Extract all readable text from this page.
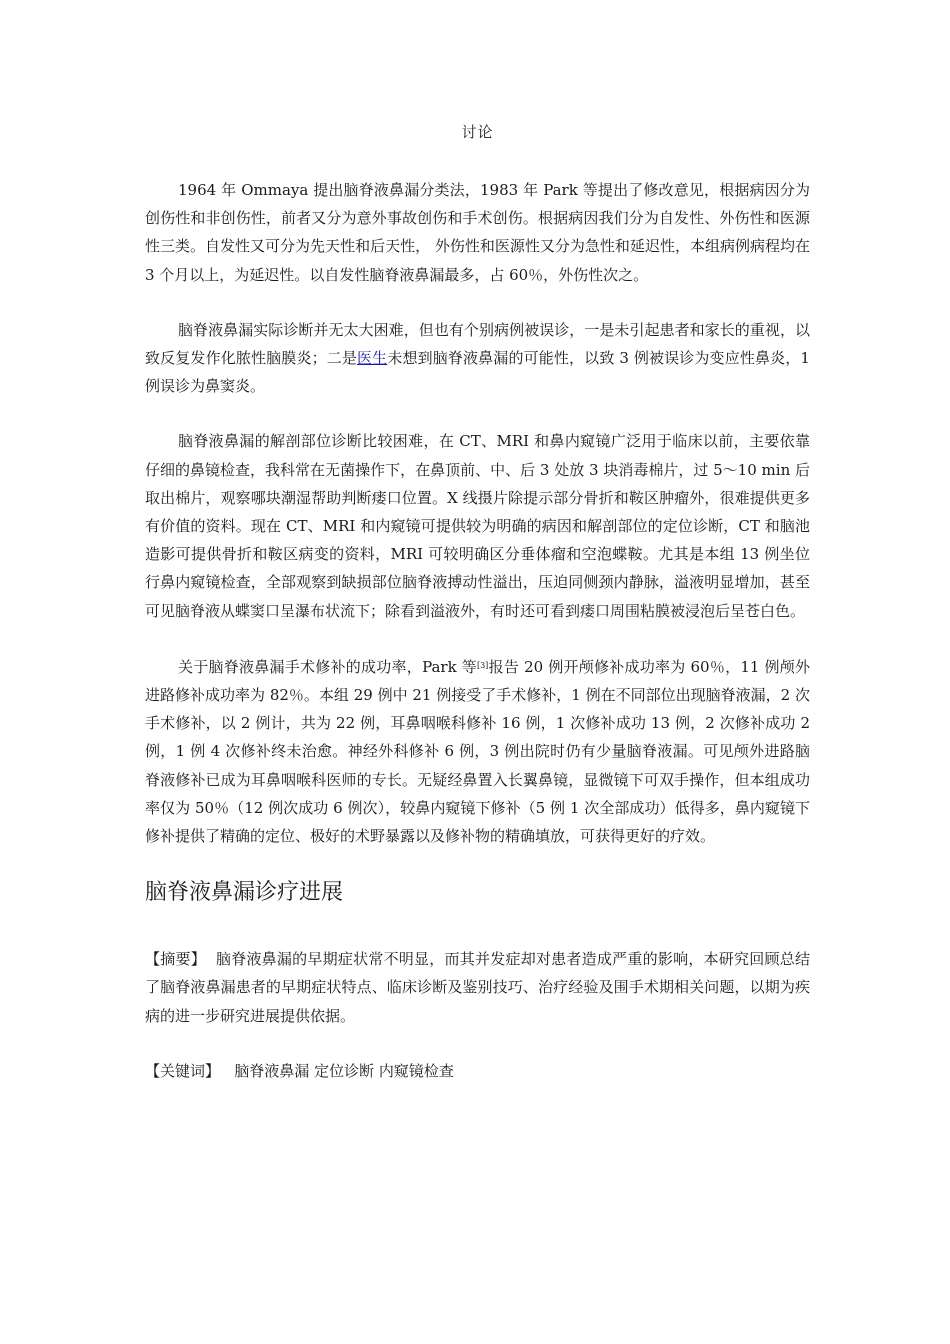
讨论

1964 年 Ommaya 提出脑脊液鼻漏分类法，1983 年 Park 等提出了修改意见，根据病因分为创伤性和非创伤性，前者又分为意外事故创伤和手术创伤。根据病因我们分为自发性、外伤性和医源性三类。自发性又可分为先天性和后天性， 外伤性和医源性又分为急性和延迟性，本组病例病程均在 3 个月以上，为延迟性。以自发性脑脊液鼻漏最多，占 60％，外伤性次之。

脑脊液鼻漏实际诊断并无太大困难，但也有个别病例被误诊，一是未引起患者和家长的重视，以致反复发作化脓性脑膜炎；二是医生未想到脑脊液鼻漏的可能性，以致 3 例被误诊为变应性鼻炎，1 例误诊为鼻窦炎。

脑脊液鼻漏的解剖部位诊断比较困难，在 CT、MRI 和鼻内窥镜广泛用于临床以前，主要依靠仔细的鼻镜检查，我科常在无菌操作下，在鼻顶前、中、后 3 处放 3 块消毒棉片，过 5～10 min 后取出棉片，观察哪块潮湿帮助判断瘘口位置。X 线摄片除提示部分骨折和鞍区肿瘤外，很难提供更多有价值的资料。现在 CT、MRI 和内窥镜可提供较为明确的病因和解剖部位的定位诊断，CT 和脑池造影可提供骨折和鞍区病变的资料，MRI 可较明确区分垂体瘤和空泡蝶鞍。尤其是本组 13 例坐位行鼻内窥镜检查，全部观察到缺损部位脑脊液搏动性溢出，压迫同侧颈内静脉，溢液明显增加，甚至可见脑脊液从蝶窦口呈瀑布状流下；除看到溢液外，有时还可看到瘘口周围粘膜被浸泡后呈苍白色。

关于脑脊液鼻漏手术修补的成功率，Park 等[3]报告 20 例开颅修补成功率为 60％，11 例颅外进路修补成功率为 82％。本组 29 例中 21 例接受了手术修补，1 例在不同部位出现脑脊液漏，2 次手术修补，以 2 例计，共为 22 例，耳鼻咽喉科修补 16 例，1 次修补成功 13 例，2 次修补成功 2 例，1 例 4 次修补终未治愈。神经外科修补 6 例，3 例出院时仍有少量脑脊液漏。可见颅外进路脑脊液修补已成为耳鼻咽喉科医师的专长。无疑经鼻置入长翼鼻镜，显微镜下可双手操作，但本组成功率仅为 50％（12 例次成功 6 例次），较鼻内窥镜下修补（5 例 1 次全部成功）低得多，鼻内窥镜下修补提供了精确的定位、极好的术野暴露以及修补物的精确填放，可获得更好的疗效。

脑脊液鼻漏诊疗进展

【摘要】 脑脊液鼻漏的早期症状常不明显，而其并发症却对患者造成严重的影响，本研究回顾总结了脑脊液鼻漏患者的早期症状特点、临床诊断及鉴别技巧、治疗经验及围手术期相关问题，以期为疾病的进一步研究进展提供依据。

【关键词】 脑脊液鼻漏 定位诊断 内窥镜检查
